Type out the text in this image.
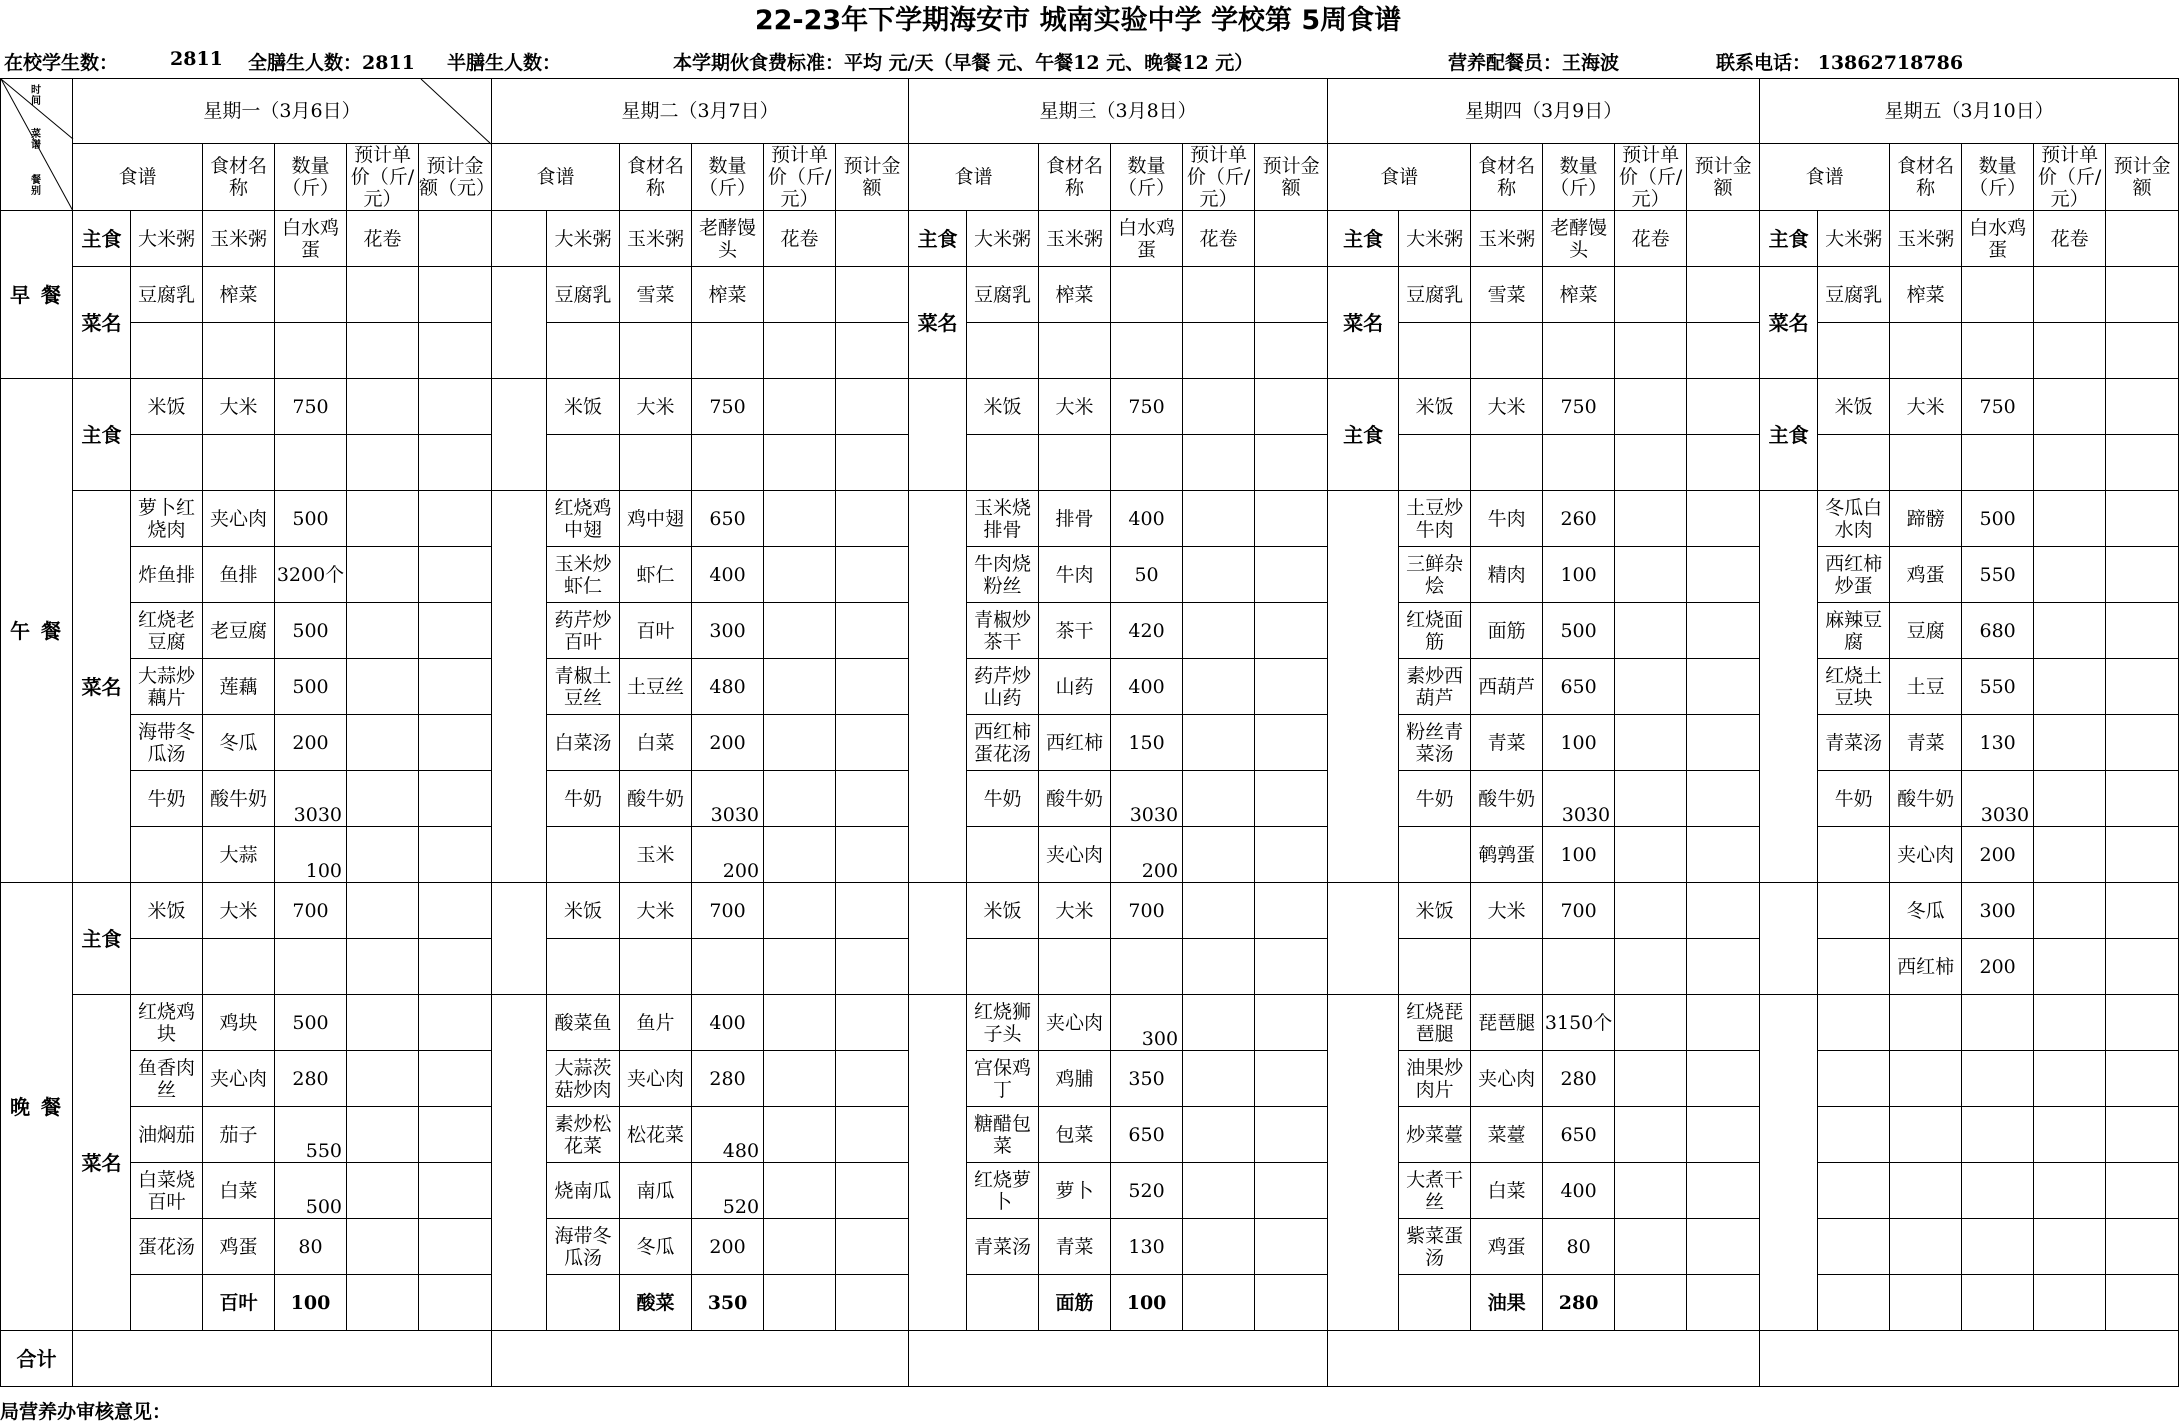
22-23年下学期海安市 城南实验中学 学校第 5周食谱
在校学生数：	2811 全膳生人数：2811 半膳生人数：	本学期伙食费标准：平均 元/天（早餐 元、午餐12 元、晚餐12 元）	营养配餐员：王海波	联系电话： 13862718786
时间
菜谱
餐别	星期一（3月6日）						星期二（3月7日）						星期三（3月8日）						星期四（3月9日）						星期五（3月10日）					
	食谱		食材名称	数量（斤）	预计单价（斤/元）	预计金额（元）	食谱		食材名称	数量（斤）	预计单价（斤/元）	预计金额	食谱		食材名称	数量（斤）	预计单价（斤/元）	预计金额	食谱		食材名称	数量（斤）	预计单价（斤/元）	预计金额	食谱		食材名称	数量（斤）	预计单价（斤/元）	预计金额
早 餐	主食	大米粥	玉米粥	白水鸡蛋	花卷			大米粥	玉米粥	老酵馒头	花卷		主食	大米粥	玉米粥	白水鸡蛋	花卷		主食	大米粥	玉米粥	老酵馒头	花卷		主食	大米粥	玉米粥	白水鸡蛋	花卷	
	菜名	豆腐乳	榨菜					豆腐乳	雪菜	榨菜			菜名	豆腐乳	榨菜				菜名	豆腐乳	雪菜	榨菜			菜名	豆腐乳	榨菜			

午 餐	主食	米饭	大米	750				米饭	大米	750				米饭	大米	750			主食	米饭	大米	750			主食	米饭	大米	750		

	菜名	萝卜红烧肉	夹心肉	500				红烧鸡中翅	鸡中翅	650				玉米烧排骨	排骨	400				土豆炒牛肉	牛肉	260				冬瓜白水肉	蹄髈	500		
		炸鱼排	鱼排	3200个				玉米炒虾仁	虾仁	400				牛肉烧粉丝	牛肉	50				三鲜杂烩	精肉	100				西红柿炒蛋	鸡蛋	550		
		红烧老豆腐	老豆腐	500				药芹炒百叶	百叶	300				青椒炒茶干	茶干	420				红烧面筋	面筋	500				麻辣豆腐	豆腐	680		
		大蒜炒藕片	莲藕	500				青椒土豆丝	土豆丝	480				药芹炒山药	山药	400				素炒西葫芦	西葫芦	650				红烧土豆块	土豆	550		
		海带冬瓜汤	冬瓜	200				白菜汤	白菜	200				西红柿蛋花汤	西红柿	150				粉丝青菜汤	青菜	100				青菜汤	青菜	130		
		牛奶	酸牛奶	3030				牛奶	酸牛奶	3030				牛奶	酸牛奶	3030				牛奶	酸牛奶	3030				牛奶	酸牛奶	3030		
			大蒜	100					玉米	200					夹心肉	200					鹌鹑蛋	100					夹心肉	200		
晚 餐	主食	米饭	大米	700				米饭	大米	700				米饭	大米	700				米饭	大米	700					冬瓜	300		
																											西红柿	200		
	菜名	红烧鸡块	鸡块	500				酸菜鱼	鱼片	400				红烧狮子头	夹心肉	300				红烧琵琶腿	琵琶腿	3150个								
		鱼香肉丝	夹心肉	280				大蒜茨菇炒肉	夹心肉	280				宫保鸡丁	鸡脯	350				油果炒肉片	夹心肉	280								
		油焖茄	茄子	550				素炒松花菜	松花菜	480				糖醋包菜	包菜	650				炒菜薹	菜薹	650								
		白菜烧百叶	白菜	500				烧南瓜	南瓜	520				红烧萝卜	萝卜	520				大煮干丝	白菜	400								
		蛋花汤	鸡蛋	80				海带冬瓜汤	冬瓜	200				青菜汤	青菜	130				紫菜蛋汤	鸡蛋	80								
			百叶	100					酸菜	350					面筋	100					油果	280								
合计																														
局营养办审核意见：
